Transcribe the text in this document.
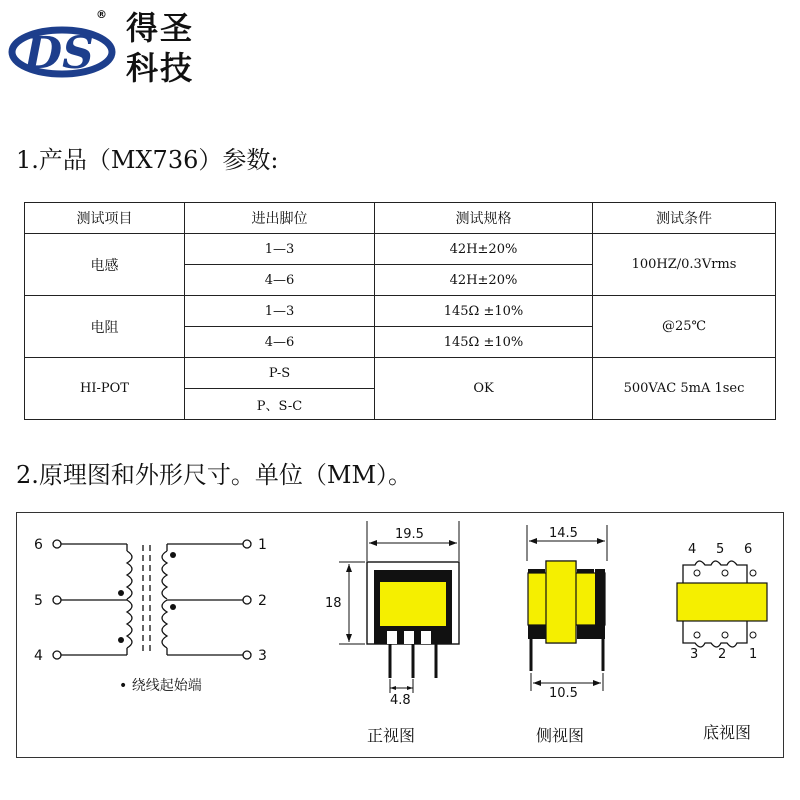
DS
® 得圣
科技
1.产品（MX736）参数:
测试项目	进出脚位	测试规格	测试条件
电感	1—3	42H±20%	100HZ/0.3Vrms
	4—6	42H±20%	
电阻	1—3	145Ω ±10%	@25℃
	4—6	145Ω ±10%	
HI-POT	P-S	OK	500VAC 5mA 1sec
	P、S-C		
2.原理图和外形尺寸。单位（MM）。
6
5
4
1
2
3
• 绕线起始端
19.5
18
4.8
正视图
14.5
10.5
侧视图
4 5 6
3 2 1
底视图
